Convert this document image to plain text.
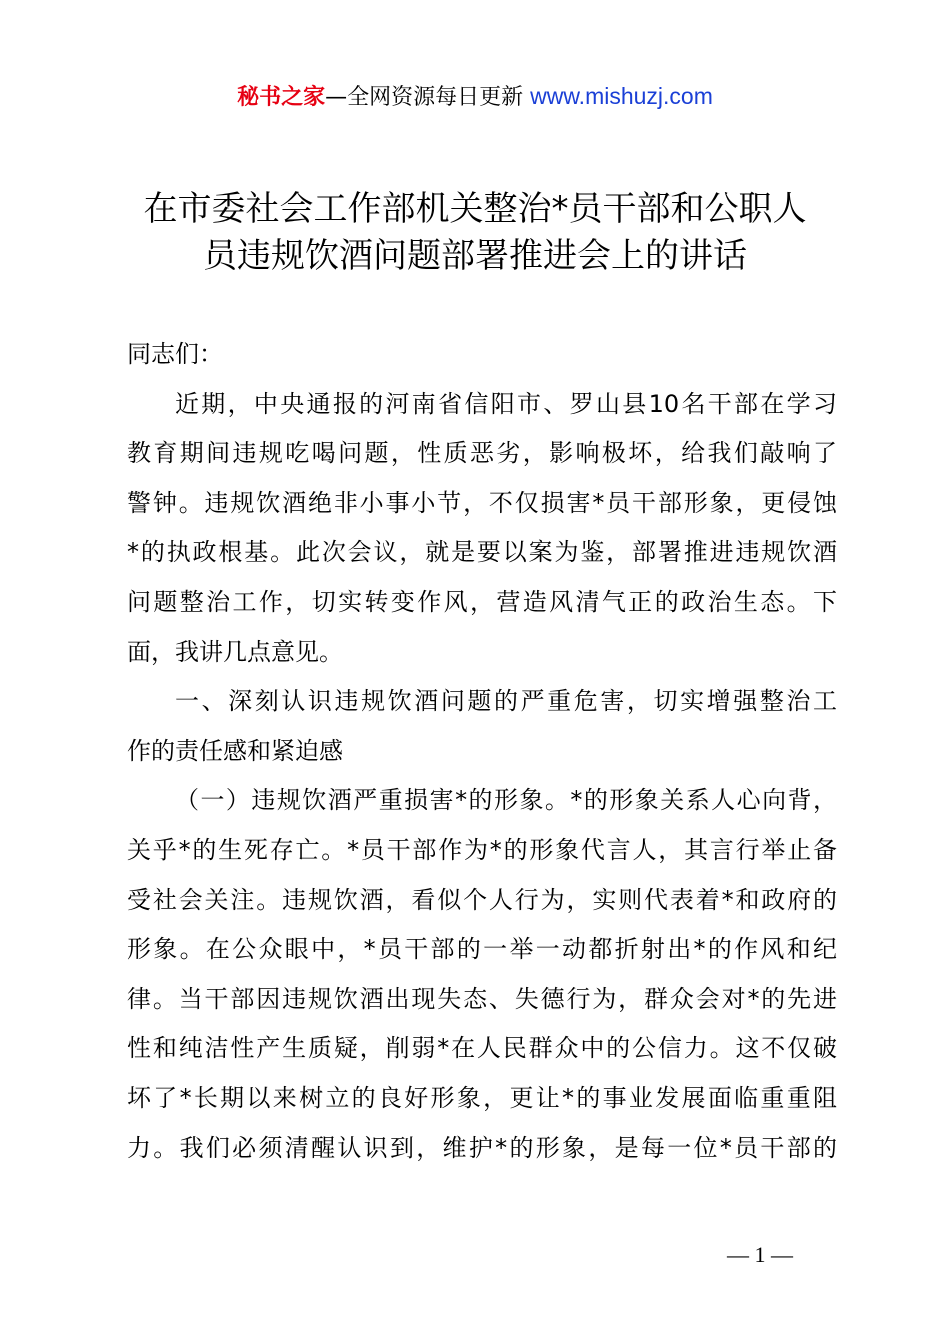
秘书之家—全网资源每日更新 www.mishuzj.com
在市委社会工作部机关整治*员干部和公职人
员违规饮酒问题部署推进会上的讲话
同志们：
近期，中央通报的河南省信阳市、罗山县10名干部在学习
教育期间违规吃喝问题，性质恶劣，影响极坏，给我们敲响了
警钟。违规饮酒绝非小事小节，不仅损害*员干部形象，更侵蚀
*的执政根基。此次会议，就是要以案为鉴，部署推进违规饮酒
问题整治工作，切实转变作风，营造风清气正的政治生态。下
面，我讲几点意见。
一、深刻认识违规饮酒问题的严重危害，切实增强整治工
作的责任感和紧迫感
（一）违规饮酒严重损害*的形象。*的形象关系人心向背，
关乎*的生死存亡。*员干部作为*的形象代言人，其言行举止备
受社会关注。违规饮酒，看似个人行为，实则代表着*和政府的
形象。在公众眼中，*员干部的一举一动都折射出*的作风和纪
律。当干部因违规饮酒出现失态、失德行为，群众会对*的先进
性和纯洁性产生质疑，削弱*在人民群众中的公信力。这不仅破
坏了*长期以来树立的良好形象，更让*的事业发展面临重重阻
力。我们必须清醒认识到，维护*的形象，是每一位*员干部的
— 1 —
